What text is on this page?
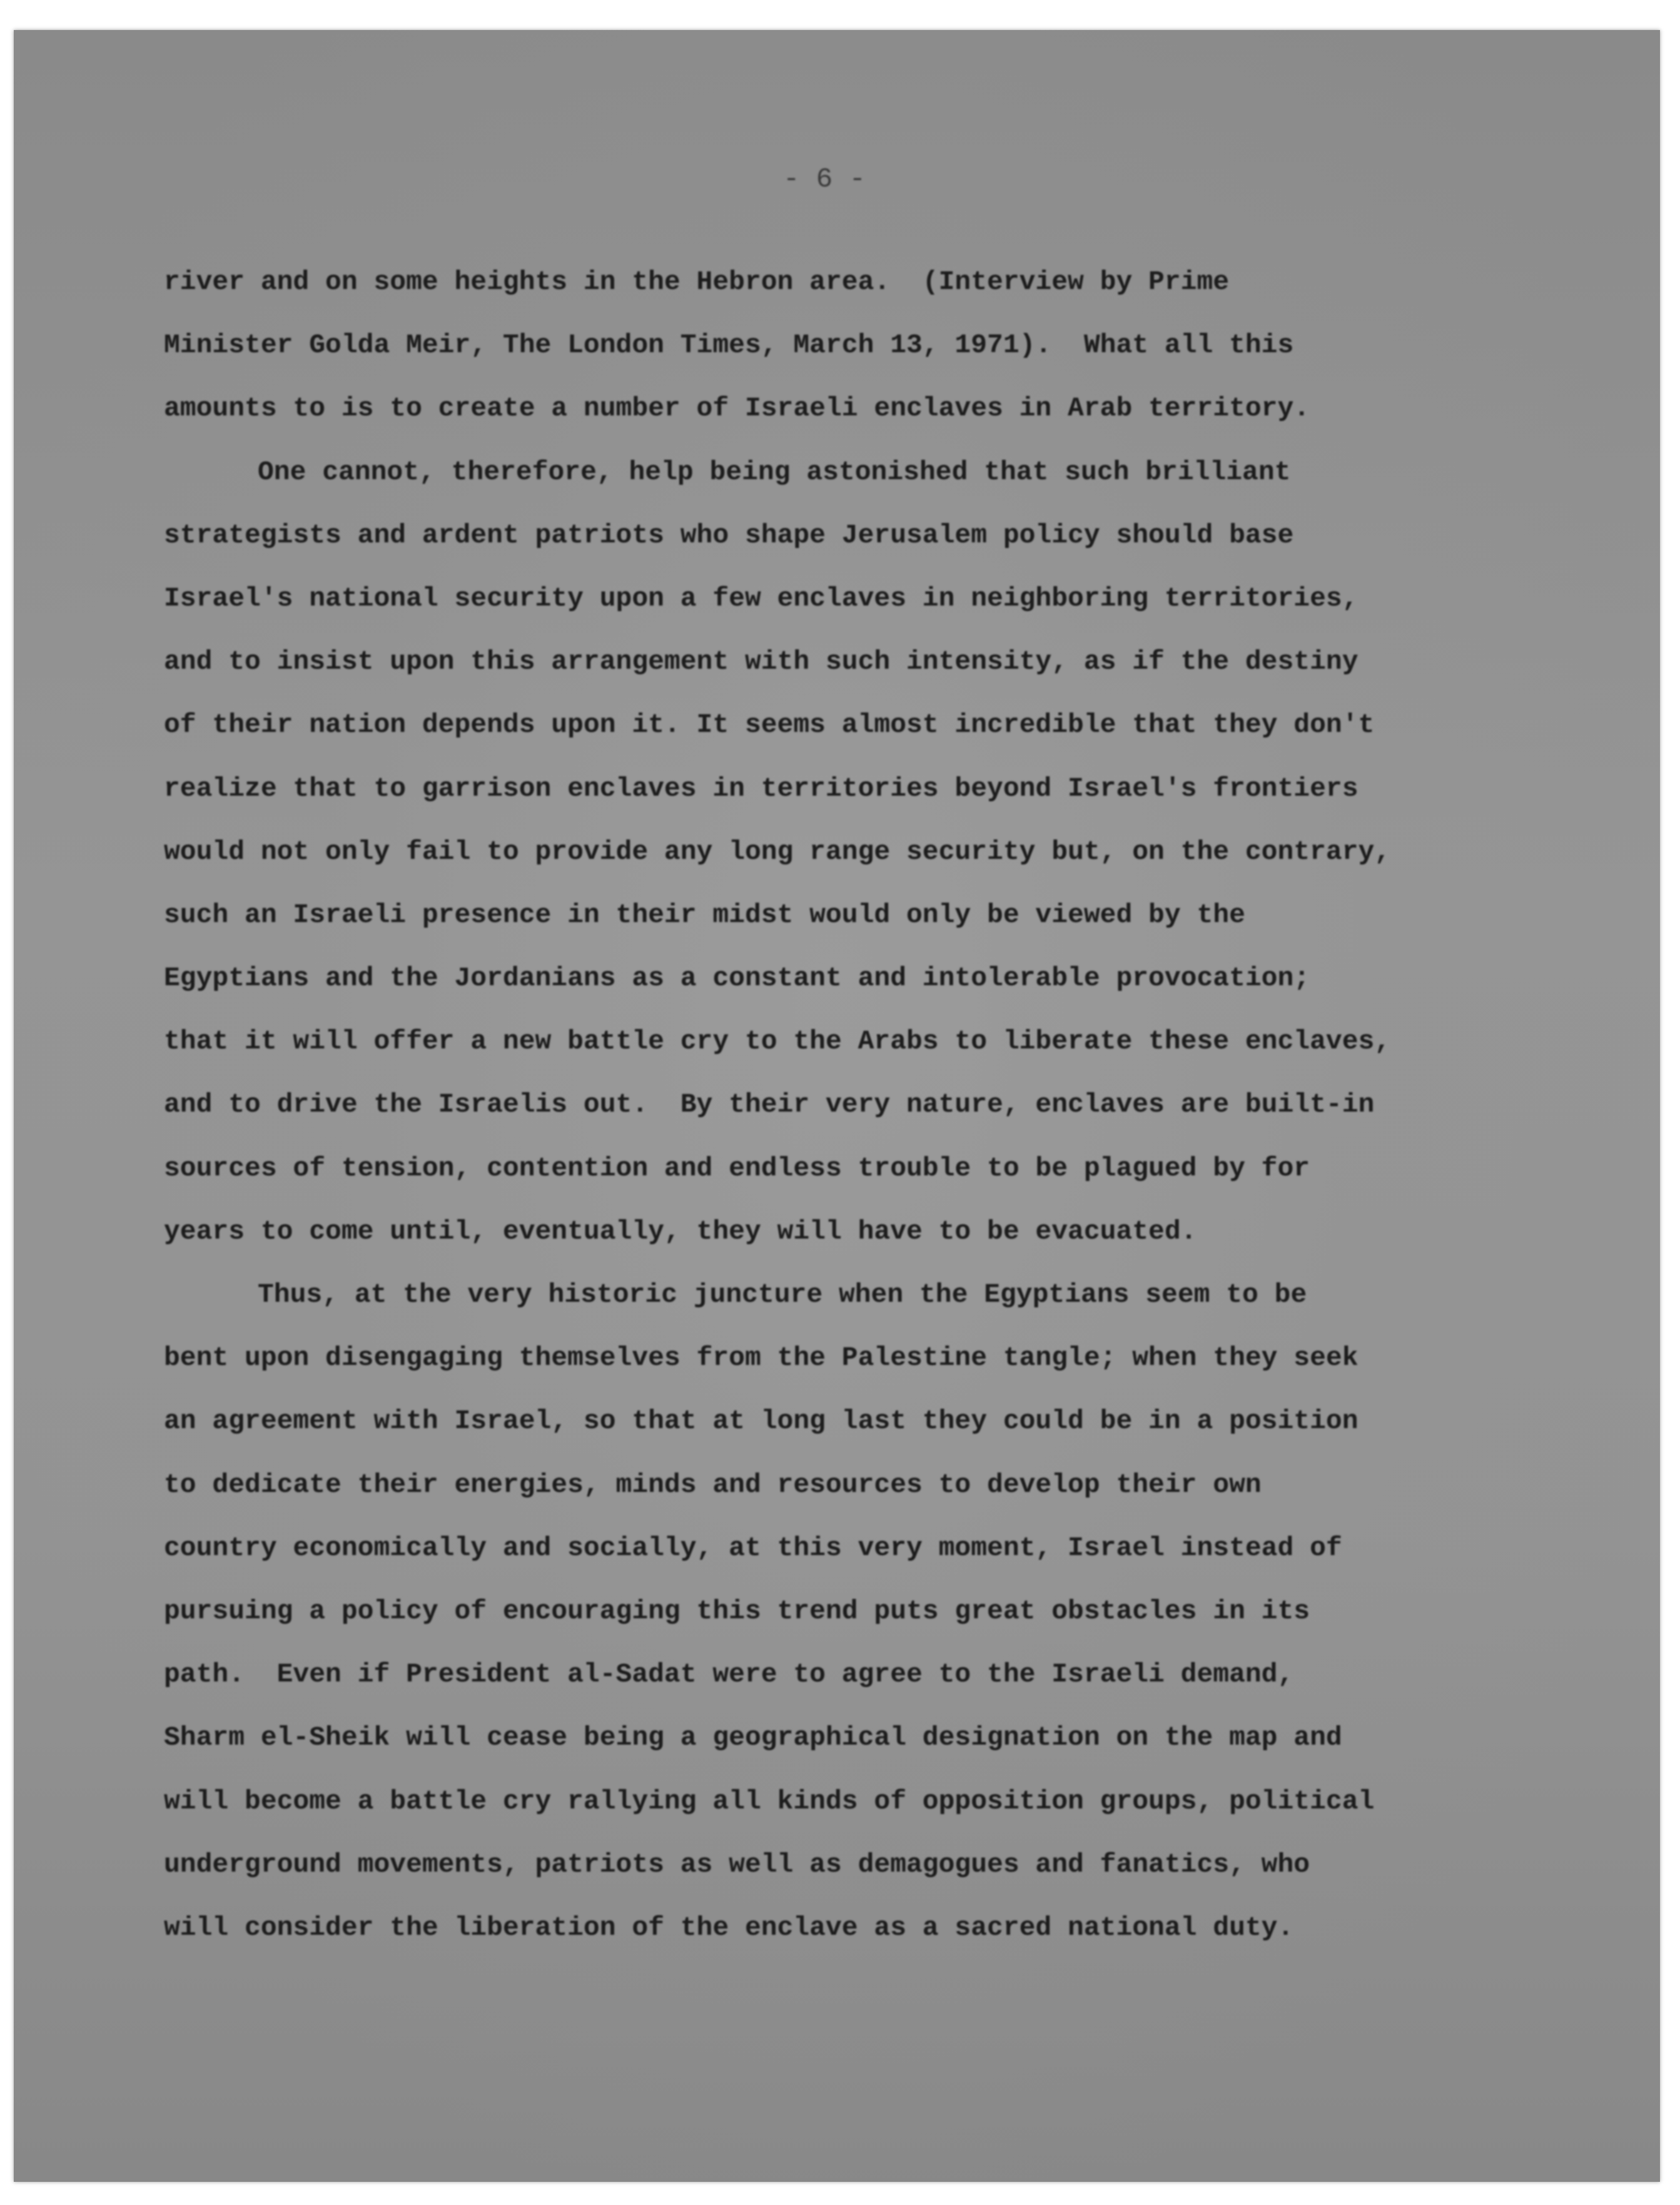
- 6 -
river and on some heights in the Hebron area.  (Interview by Prime
Minister Golda Meir, The London Times, March 13, 1971).  What all this
amounts to is to create a number of Israeli enclaves in Arab territory.
One cannot, therefore, help being astonished that such brilliant
strategists and ardent patriots who shape Jerusalem policy should base
Israel's national security upon a few enclaves in neighboring territories,
and to insist upon this arrangement with such intensity, as if the destiny
of their nation depends upon it. It seems almost incredible that they don't
realize that to garrison enclaves in territories beyond Israel's frontiers
would not only fail to provide any long range security but, on the contrary,
such an Israeli presence in their midst would only be viewed by the
Egyptians and the Jordanians as a constant and intolerable provocation;
that it will offer a new battle cry to the Arabs to liberate these enclaves,
and to drive the Israelis out.  By their very nature, enclaves are built-in
sources of tension, contention and endless trouble to be plagued by for
years to come until, eventually, they will have to be evacuated.
Thus, at the very historic juncture when the Egyptians seem to be
bent upon disengaging themselves from the Palestine tangle; when they seek
an agreement with Israel, so that at long last they could be in a position
to dedicate their energies, minds and resources to develop their own
country economically and socially, at this very moment, Israel instead of
pursuing a policy of encouraging this trend puts great obstacles in its
path.  Even if President al-Sadat were to agree to the Israeli demand,
Sharm el-Sheik will cease being a geographical designation on the map and
will become a battle cry rallying all kinds of opposition groups, political
underground movements, patriots as well as demagogues and fanatics, who
will consider the liberation of the enclave as a sacred national duty.
